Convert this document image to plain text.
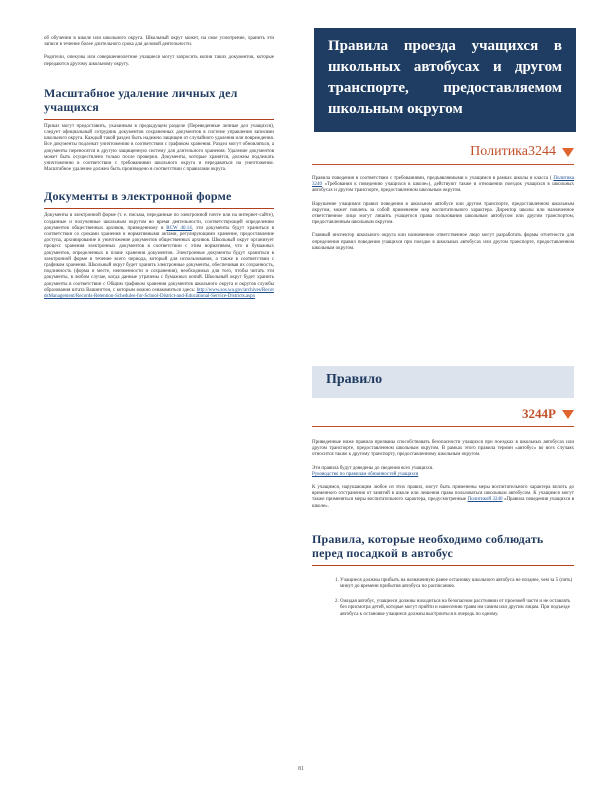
об обучении в школе или школьного округа. Школьный округ может, на свое усмотрение, хранить эти записи в течение более длительного срока для деловой деятельности.

Родители, опекуны или совершеннолетние учащиеся могут запросить копии таких документов, которые передаются другому школьному округу.

Масштабное удаление личных дел учащихся

Приказ могут предоставить, указанным в предыдущем разделе (Переведенные личные дел учащихся), следует официальный сотрудник документов сохраненных документов в системе управления записями школьного округа. Каждый такой раздел быть надежно защищен от случайного удаления или повреждения. Все документы подлежат уничтожению в соответствии с графиком хранения. Раздел могут обновляться, а документы переносятся в другую защищенную систему для длительного хранения. Удаление документов может быть осуществлено только после проверки. Документы, которые хранятся, должны подлежать уничтожению в соответствии с требованиями школьного округа и передаваться на уничтожение. Масштабное удаление должно быть произведено в соответствии с правилами округа.

Документы в электронной форме

Документы в электронной форме (т. е. письма, переданные по электронной почте или на интернет-сайте), созданные и полученные школьным округом во время деятельности, соответствующей определению документов общественных архивов, приведенному в RCW 40.14, эти документы будут храниться в соответствии со сроками хранения и нормативными актами, регулирующими хранение, предоставление доступа, архивирование и уничтожение документов общественных архивов. Школьный округ организует процесс хранения электронных документов в соответствии с этим нормативом, что и бумажных документов, определенных в плане хранения документов. Электронные документы будут храниться в электронной форме в течение всего периода, который для использования, а также в соответствии с графиком хранения. Школьный округ будет хранить электронные документы, обеспечивая их сохранность, подлинность (форма и месте, неизменности и сохранения), необходимых для того, чтобы читать эти документы, в любом случае, когда данные утрачены с бумажных копий. Школьный округ будет хранить документы в соответствии с Общим графиком хранения документов школьного округа и округов службы образования штата Вашингтон, с которым можно ознакомиться здесь: http://www.sos.wa.gov/archives/RecordsManagement/Records-Retention-Schedules-for-School-District-and-Educational-Service-Districts.aspx

Правила проезда учащихся в школьных автобусах и другом транспорте, предоставляемом школьным округом
Политика3244

Правила поведения в соответствии с требованиями, предъявляемыми к учащимся в рамках школы и класса ( Политика 3240 «Требования к поведению учащихся в школе»), действуют также в отношении поездок учащихся в школьных автобусах и другом транспорте, предоставленном школьным округом.

Нарушение учащимся правил поведения в школьном автобусе или другом транспорте, предоставленном школьным округом, может повлечь за собой применение мер воспитательного характера. Директор школы или назначенное ответственное лицо могут лишить учащегося права пользования школьным автобусом или другим транспортом, предоставленным школьным округом.

Главный инспектор школьного округа или назначенное ответственное лицо могут разработать формы отчетности для определения правил поведения учащихся при поездке в школьных автобусах или другом транспорте, предоставленном школьным округом.

Правило
3244P

Приведенные ниже правила призваны способствовать безопасности учащихся при поездках в школьных автобусах или другом транспорте, предоставленном школьным округом. В рамках этого правила термин «автобус» во всех случаях относится также к другому транспорту, предоставленному школьным округом.

Эти правила будут доведены до сведения всех учащихся.
Руководство по правилам обязанностей учащихся

К учащимся, нарушающим любое из этих правил, могут быть применены меры воспитательного характера вплоть до временного отстранения от занятий в школе или лишения права пользоваться школьным автобусом. К учащимся могут также применяться меры воспитательного характера, предусмотренные Политикой 3240 «Правила поведения учащихся в школе».

Правила, которые необходимо соблюдать перед посадкой в автобус
1. Учащиеся должны прибыть на назначенную ранее остановку школьного автобуса не позднее, чем за 5 (пять) минут до времени прибытия автобуса по расписанию.
2. Ожидая автобус, учащиеся должны находиться на безопасном расстоянии от проезжей части и не оставлять без присмотра детей, которые могут прийти и нанесению травм им самим или другим лицам. При подъезде автобуса к остановке учащиеся должны выстроиться в очередь по одному.
81
